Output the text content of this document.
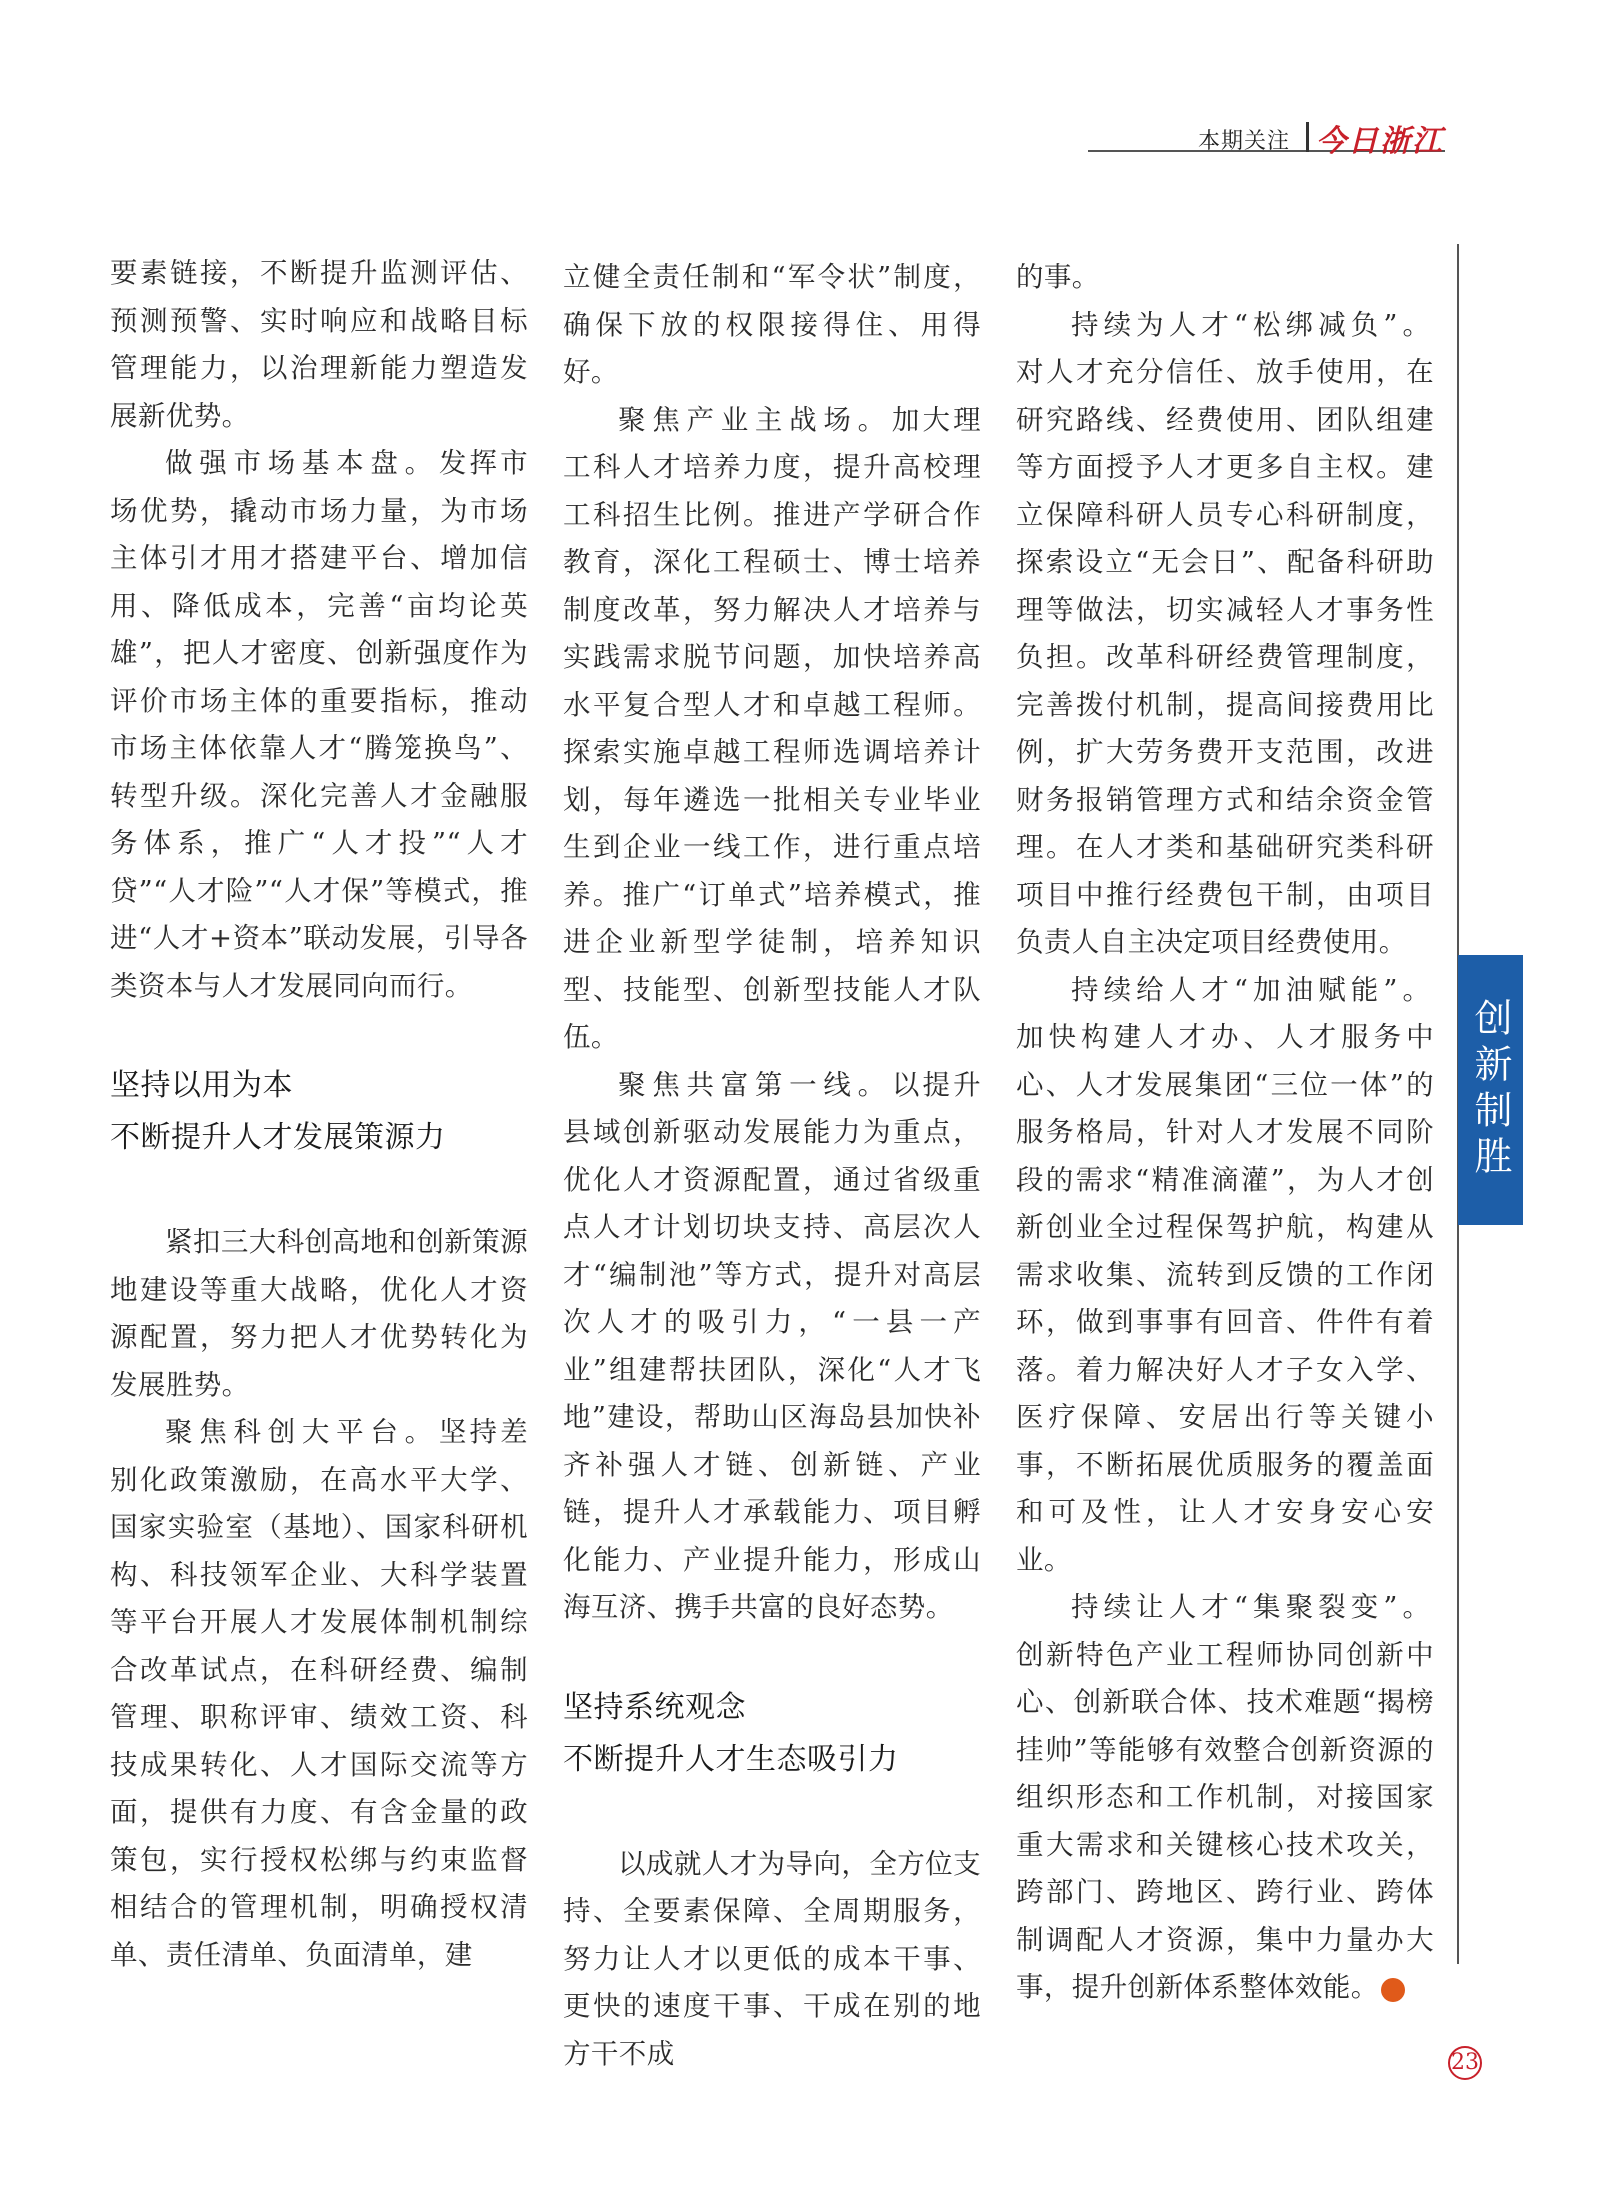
本期关注 今日浙江

要素链接，不断提升监测评估、预测预警、实时响应和战略目标管理能力，以治理新能力塑造发展新优势。

做强市场基本盘。发挥市场优势，撬动市场力量，为市场主体引才用才搭建平台、增加信用、降低成本，完善“亩均论英雄”，把人才密度、创新强度作为评价市场主体的重要指标，推动市场主体依靠人才“腾笼换鸟”、转型升级。深化完善人才金融服务体系，推广“人才投”“人才贷”“人才险”“人才保”等模式，推进“人才+资本”联动发展，引导各类资本与人才发展同向而行。

坚持以用为本
不断提升人才发展策源力

紧扣三大科创高地和创新策源地建设等重大战略，优化人才资源配置，努力把人才优势转化为发展胜势。

聚焦科创大平台。坚持差别化政策激励，在高水平大学、国家实验室（基地）、国家科研机构、科技领军企业、大科学装置等平台开展人才发展体制机制综合改革试点，在科研经费、编制管理、职称评审、绩效工资、科技成果转化、人才国际交流等方面，提供有力度、有含金量的政策包，实行授权松绑与约束监督相结合的管理机制，明确授权清单、责任清单、负面清单，建

立健全责任制和“军令状”制度，确保下放的权限接得住、用得好。

聚焦产业主战场。加大理工科人才培养力度，提升高校理工科招生比例。推进产学研合作教育，深化工程硕士、博士培养制度改革，努力解决人才培养与实践需求脱节问题，加快培养高水平复合型人才和卓越工程师。探索实施卓越工程师选调培养计划，每年遴选一批相关专业毕业生到企业一线工作，进行重点培养。推广“订单式”培养模式，推进企业新型学徒制，培养知识型、技能型、创新型技能人才队伍。

聚焦共富第一线。以提升县域创新驱动发展能力为重点，优化人才资源配置，通过省级重点人才计划切块支持、高层次人才“编制池”等方式，提升对高层次人才的吸引力，“一县一产业”组建帮扶团队，深化“人才飞地”建设，帮助山区海岛县加快补齐补强人才链、创新链、产业链，提升人才承载能力、项目孵化能力、产业提升能力，形成山海互济、携手共富的良好态势。

坚持系统观念
不断提升人才生态吸引力

以成就人才为导向，全方位支持、全要素保障、全周期服务，努力让人才以更低的成本干事、更快的速度干事、干成在别的地方干不成

的事。

持续为人才“松绑减负”。对人才充分信任、放手使用，在研究路线、经费使用、团队组建等方面授予人才更多自主权。建立保障科研人员专心科研制度，探索设立“无会日”、配备科研助理等做法，切实减轻人才事务性负担。改革科研经费管理制度，完善拨付机制，提高间接费用比例，扩大劳务费开支范围，改进财务报销管理方式和结余资金管理。在人才类和基础研究类科研项目中推行经费包干制，由项目负责人自主决定项目经费使用。

持续给人才“加油赋能”。加快构建人才办、人才服务中心、人才发展集团“三位一体”的服务格局，针对人才发展不同阶段的需求“精准滴灌”，为人才创新创业全过程保驾护航，构建从需求收集、流转到反馈的工作闭环，做到事事有回音、件件有着落。着力解决好人才子女入学、医疗保障、安居出行等关键小事，不断拓展优质服务的覆盖面和可及性，让人才安身安心安业。

持续让人才“集聚裂变”。创新特色产业工程师协同创新中心、创新联合体、技术难题“揭榜挂帅”等能够有效整合创新资源的组织形态和工作机制，对接国家重大需求和关键核心技术攻关，跨部门、跨地区、跨行业、跨体制调配人才资源，集中力量办大事，提升创新体系整体效能。	今

创新制胜
23
